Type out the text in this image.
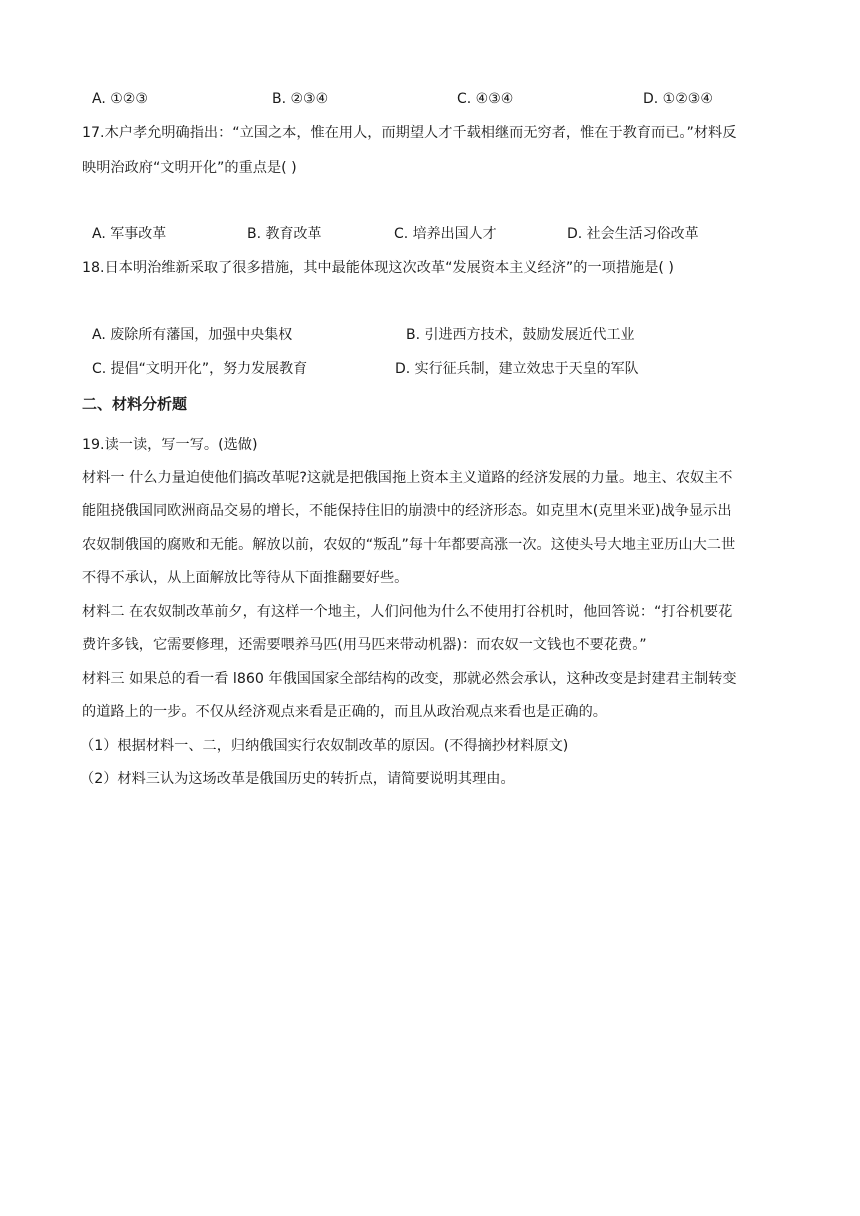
A. ①②③	B. ②③④	C. ④③④	D. ①②③④
17.木户孝允明确指出：“立国之本，惟在用人，而期望人才千载相继而无穷者，惟在于教育而已。”材料反
映明治政府“文明开化”的重点是( )
A. 军事改革	B. 教育改革	C. 培养出国人才	D. 社会生活习俗改革
18.日本明治维新采取了很多措施，其中最能体现这次改革“发展资本主义经济”的一项措施是( )
A. 废除所有藩国，加强中央集权	B. 引进西方技术，鼓励发展近代工业
C. 提倡“文明开化”，努力发展教育	D. 实行征兵制，建立效忠于天皇的军队
二、材料分析题
19.读一读，写一写。(选做)
材料一 什么力量迫使他们搞改革呢?这就是把俄国拖上资本主义道路的经济发展的力量。地主、农奴主不
能阻挠俄国同欧洲商品交易的增长，不能保持住旧的崩溃中的经济形态。如克里木(克里米亚)战争显示出
农奴制俄国的腐败和无能。解放以前，农奴的“叛乱”每十年都要高涨一次。这使头号大地主亚历山大二世
不得不承认，从上面解放比等待从下面推翻要好些。
材料二 在农奴制改革前夕，有这样一个地主，人们问他为什么不使用打谷机时，他回答说：“打谷机要花
费许多钱，它需要修理，还需要喂养马匹(用马匹来带动机器)：而农奴一文钱也不要花费。”
材料三 如果总的看一看 l860 年俄国国家全部结构的改变，那就必然会承认，这种改变是封建君主制转变
的道路上的一步。不仅从经济观点来看是正确的，而且从政治观点来看也是正确的。
（1）根据材料一、二，归纳俄国实行农奴制改革的原因。(不得摘抄材料原文)
（2）材料三认为这场改革是俄国历史的转折点，请简要说明其理由。
